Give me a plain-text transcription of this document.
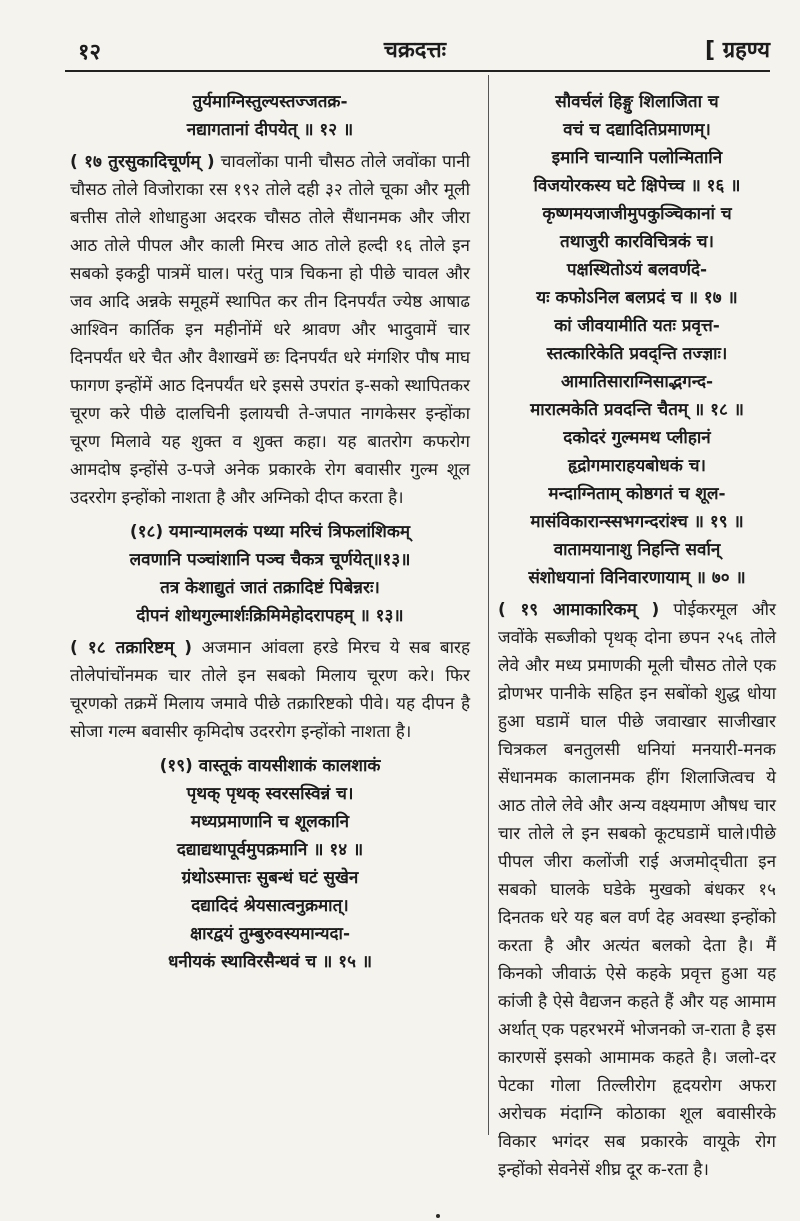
१२	चक्रदत्तः	[ ग्रहण्य
तुर्यमाग्निस्तुल्यस्तज्जतक्र-
नद्यागतानां दीपयेत् ॥ १२ ॥
( १७ तुरसुकादिचूर्णम् ) चावलोंका पानी चौसठ तोले जवोंका पानी चौसठ तोले विजोराका रस १९२ तोले दही ३२ तोले चूका और मूली बत्तीस तोले शोधाहुआ अदरक चौसठ तोले सैंधानमक और जीरा आठ तोले पीपल और काली मिरच आठ तोले हल्दी १६ तोले इन सबको इकट्ठी पात्रमें घाल। परंतु पात्र चिकना हो पीछे चावल और जव आदि अन्नके समूहमें स्थापित कर तीन दिनपर्यंत ज्येष्ठ आषाढ आश्विन कार्तिक इन महीनोंमें धरे श्रावण और भादुवामें चार दिनपर्यंत धरे चैत और वैशाखमें छः दिनपर्यंत धरे मंगशिर पौष माघ फागण इन्होंमें आठ दिनपर्यंत धरे इससे उपरांत इ-सको स्थापितकर चूरण करे पीछे दालचिनी इलायची ते-जपात नागकेसर इन्होंका चूरण मिलावे यह शुक्त व शुक्त कहा। यह बातरोग कफरोग आमदोष इन्होंसे उ-पजे अनेक प्रकारके रोग बवासीर गुल्म शूल उदररोग इन्होंको नाशता है और अग्निको दीप्त करता है।
(१८) यमान्यामलकं पथ्या मरिचं त्रिफलांशिकम्
लवणानि पञ्चांशानि पञ्च चैकत्र चूर्णयेत्॥१३॥
तत्र केशाद्युतं जातं तक्रादिष्टं पिबेन्नरः।
दीपनं शोथगुल्मार्शःक्रिमिमेहोदरापहम् ॥ १३॥
( १८ तक्रारिष्टम् ) अजमान आंवला हरडे मिरच ये सब बारह तोलेपांचोंनमक चार तोले इन सबको मिलाय चूरण करे। फिर चूरणको तक्रमें मिलाय जमावे पीछे तक्रारिष्टको पीवे। यह दीपन है सोजा गल्म बवासीर कृमिदोष उदररोग इन्होंको नाशता है।
(१९) वास्तूकं वायसीशाकं कालशाकं
पृथक् पृथक् स्वरसस्विन्नं च।
मध्यप्रमाणानि च शूलकानि
दद्याद्यथापूर्वमुपक्रमानि ॥ १४ ॥
ग्रंथोऽस्मात्तः सुबन्धं घटं सुखेन
दद्यादिदं श्रेयसात्वनुक्रमात्।
क्षारद्वयं तुम्बुरुवस्यमान्यदा-
धनीयकं स्थाविरसैन्धवं च ॥ १५ ॥
सौवर्चलं हिङ्गु शिलाजिता च
वचं च दद्यादितिप्रमाणम्।
इमानि चान्यानि पलोन्मितानि
विजयोरकस्य घटे क्षिपेच्च ॥ १६ ॥
कृष्णमयजाजीमुपकुञ्चिकानां च
तथाजुरी कारविचित्रकं च।
पक्षस्थितोऽयं बलवर्णदे-
यः कफोऽनिल बलप्रदं च ॥ १७ ॥
कां जीवयामीति यतः प्रवृत्त-
स्तत्कारिकेति प्रवद्न्ति तज्ज्ञाः।
आमातिसाराग्निसाद्भगन्द-
मारात्मकेति प्रवदन्ति चैतम् ॥ १८ ॥
दकोदरं गुल्ममथ प्लीहानं
हृद्रोगमाराहयबोधकं च।
मन्दाग्निताम् कोष्ठगतं च शूल-
मासंविकारान्स्सभगन्दरांश्च ॥ १९ ॥
वातामयानाशु निहन्ति सर्वान्
संशोधयानां विनिवारणायाम् ॥ ७० ॥
( १९ आमाकारिकम् ) पोईकरमूल और जवोंके सब्जीको पृथक् दोना छपन २५६ तोले लेवे और मध्य प्रमाणकी मूली चौसठ तोले एक द्रोणभर पानीके सहित इन सबोंको शुद्ध धोया हुआ घडामें घाल पीछे जवाखार साजीखार चित्रकल बनतुलसी धनियां मनयारी-मनक सेंधानमक कालानमक हींग शिलाजित्वच ये आठ तोले लेवे और अन्य वक्ष्यमाण औषध चार चार तोले ले इन सबको कूटघडामें घाले।पीछे पीपल जीरा कलोंजी राई अजमोद्‌चीता इन सबको घालके घडेके मुखको बंधकर १५ दिनतक धरे यह बल वर्ण देह अवस्था इन्होंको करता है और अत्यंत बलको देता है। मैं किनको जीवाऊं ऐसे कहके प्रवृत्त हुआ यह कांजी है ऐसे वैद्यजन कहते हैं और यह आमाम अर्थात् एक पहरभरमें भोजनको ज-राता है इस कारणसें इसको आमामक कहते है। जलो-दर पेटका गोला तिल्लीरोग हृदयरोग अफरा अरोचक मंदाग्नि कोठाका शूल बवासीरके विकार भगंदर सब प्रकारके वायूके रोग इन्होंको सेवनेसें शीघ्र दूर क-रता है।
